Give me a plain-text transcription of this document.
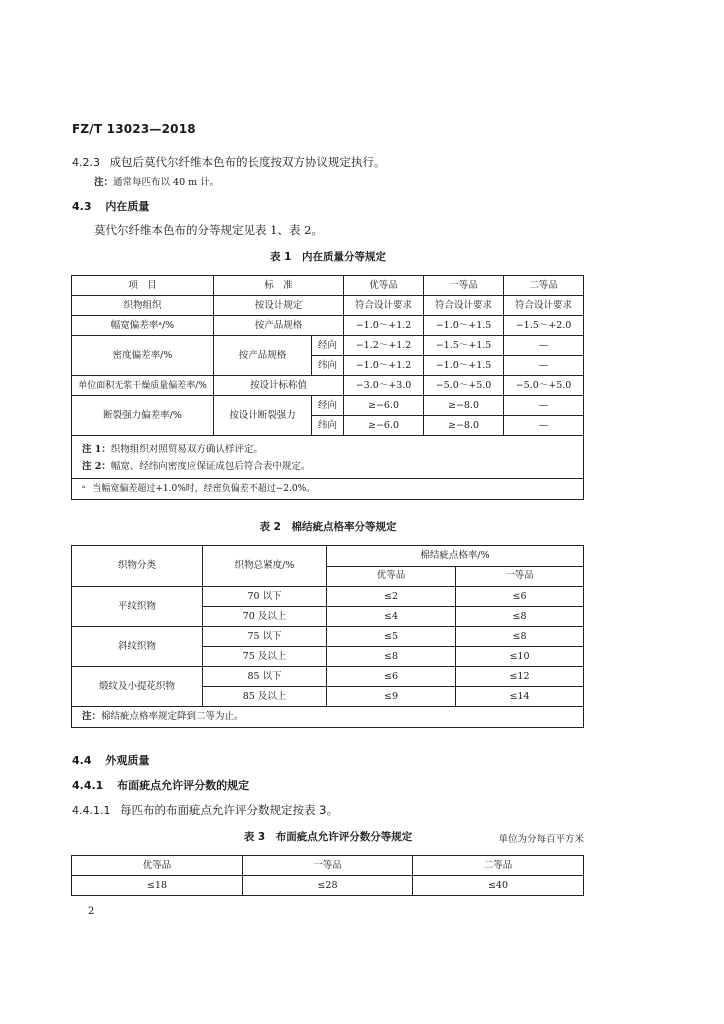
FZ/T 13023—2018
4.2.3 成包后莫代尔纤维本色布的长度按双方协议规定执行。
注：通常每匹布以 40 m 计。
4.3 内在质量
莫代尔纤维本色布的分等规定见表 1、表 2。
表 1　内在质量分等规定
项　目	标　准		优等品	一等品	二等品
织物组织	按设计规定		符合设计要求	符合设计要求	符合设计要求
幅宽偏差率ᵃ/%	按产品规格		−1.0～+1.2	−1.0～+1.5	−1.5～+2.0
密度偏差率/%	按产品规格	经向	−1.2～+1.2	−1.5～+1.5	—
		纬向	−1.0～+1.2	−1.0～+1.5	—
单位面积无浆干燥质量偏差率/%	按设计标称值		−3.0～+3.0	−5.0～+5.0	−5.0～+5.0
断裂强力偏差率/%	按设计断裂强力	经向	≥−6.0	≥−8.0	—
		纬向	≥−6.0	≥−8.0	—

注 1：织物组织对照贸易双方确认样评定。
注 2：幅宽、经纬向密度应保证成包后符合表中规定。					

ᵃ 当幅宽偏差超过+1.0%时，经密负偏差不超过−2.0%。					
表 2　棉结疵点格率分等规定
织物分类	织物总紧度/%	棉结疵点格率/%	
		优等品	一等品
平纹织物	70 以下	≤2	≤6
	70 及以上	≤4	≤8
斜纹织物	75 以下	≤5	≤8
	75 及以上	≤8	≤10
缎纹及小提花织物	85 以下	≤6	≤12
	85 及以上	≤9	≤14
注：棉结疵点格率规定降到二等为止。			
4.4 外观质量
4.4.1 布面疵点允许评分数的规定
4.4.1.1 每匹布的布面疵点允许评分数规定按表 3。
表 3　布面疵点允许评分数分等规定	单位为分每百平方米
优等品	一等品	二等品
≤18	≤28	≤40
2
